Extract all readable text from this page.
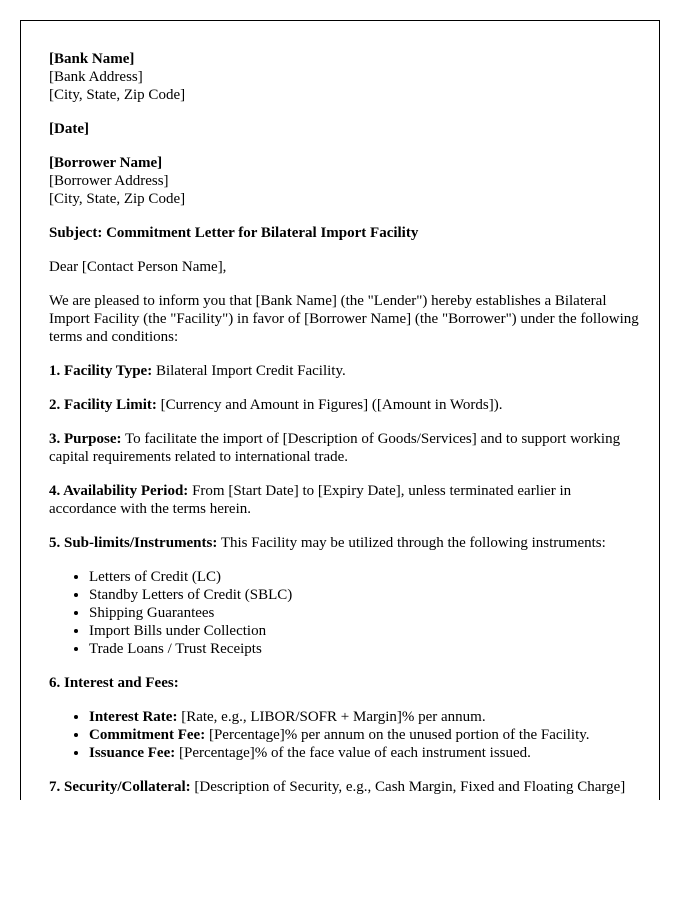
[Bank Name]
[Bank Address]
[City, State, Zip Code]

[Date]

[Borrower Name]
[Borrower Address]
[City, State, Zip Code]

Subject: Commitment Letter for Bilateral Import Facility

Dear [Contact Person Name],

We are pleased to inform you that [Bank Name] (the "Lender") hereby establishes a Bilateral Import Facility (the "Facility") in favor of [Borrower Name] (the "Borrower") under the following terms and conditions:

1. Facility Type: Bilateral Import Credit Facility.

2. Facility Limit: [Currency and Amount in Figures] ([Amount in Words]).

3. Purpose: To facilitate the import of [Description of Goods/Services] and to support working capital requirements related to international trade.

4. Availability Period: From [Start Date] to [Expiry Date], unless terminated earlier in accordance with the terms herein.

5. Sub-limits/Instruments: This Facility may be utilized through the following instruments:

• Letters of Credit (LC)
• Standby Letters of Credit (SBLC)
• Shipping Guarantees
• Import Bills under Collection
• Trade Loans / Trust Receipts

6. Interest and Fees:

• Interest Rate: [Rate, e.g., LIBOR/SOFR + Margin]% per annum.
• Commitment Fee: [Percentage]% per annum on the unused portion of the Facility.
• Issuance Fee: [Percentage]% of the face value of each instrument issued.

7. Security/Collateral: [Description of Security, e.g., Cash Margin, Fixed and Floating Charge]
